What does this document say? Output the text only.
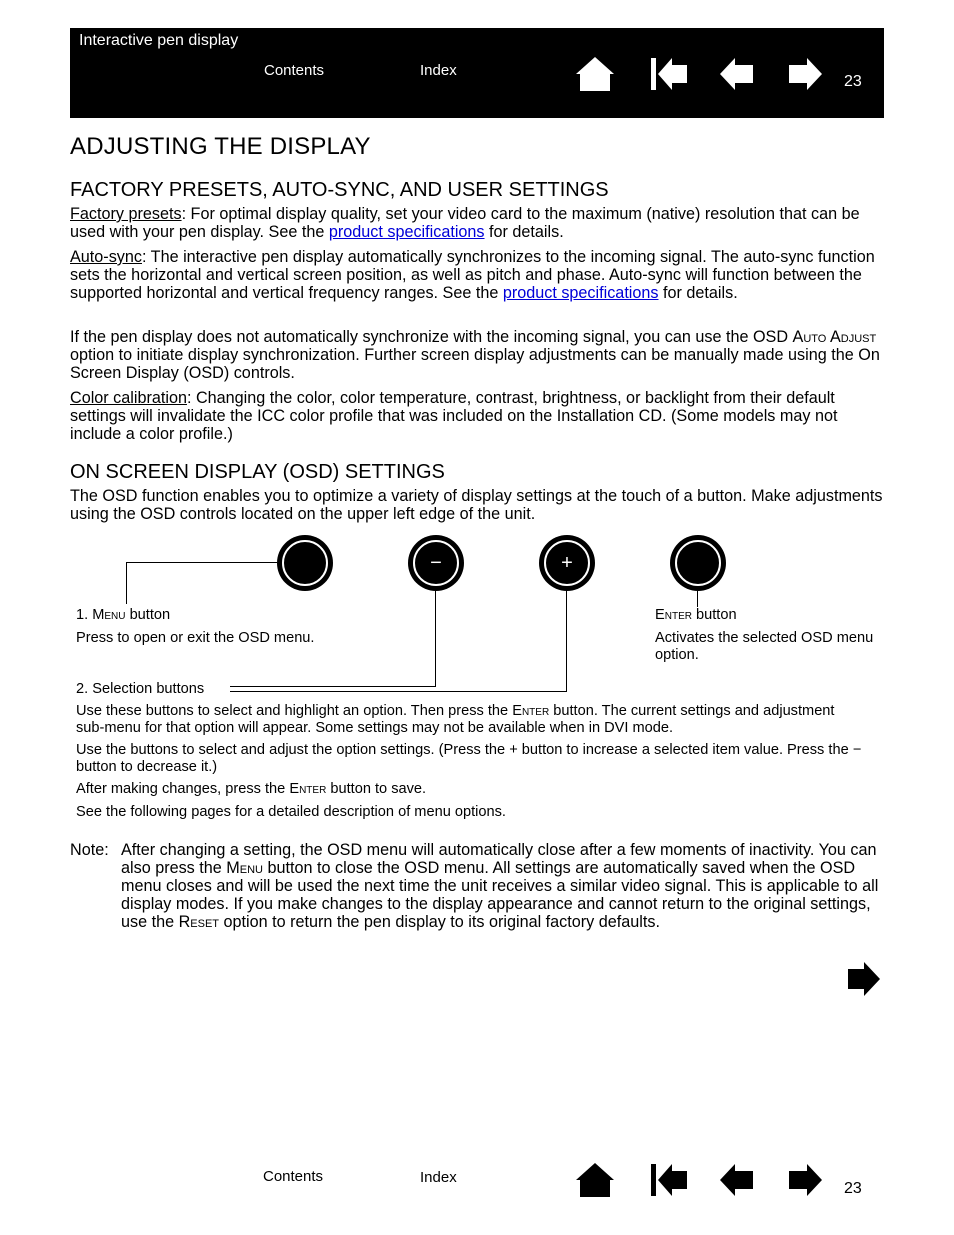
Interactive pen display
Contents	Index
23
ADJUSTING THE DISPLAY
FACTORY PRESETS, AUTO-SYNC, AND USER SETTINGS

Factory presets: For optimal display quality, set your video card to the maximum (native) resolution that can be used with your pen display. See the product specifications for details.

Auto-sync: The interactive pen display automatically synchronizes to the incoming signal. The auto-sync function sets the horizontal and vertical screen position, as well as pitch and phase. Auto-sync will function between the supported horizontal and vertical frequency ranges. See the product specifications for details.

If the pen display does not automatically synchronize with the incoming signal, you can use the OSD Auto Adjust option to initiate display synchronization. Further screen display adjustments can be manually made using the On Screen Display (OSD) controls.

Color calibration: Changing the color, color temperature, contrast, brightness, or backlight from their default settings will invalidate the ICC color profile that was included on the Installation CD. (Some models may not include a color profile.)

ON SCREEN DISPLAY (OSD) SETTINGS

The OSD function enables you to optimize a variety of display settings at the touch of a button. Make adjustments using the OSD controls located on the upper left edge of the unit.

−	+

1. Menu button

Press to open or exit the OSD menu.

Enter button

Activates the selected OSD menu option.

2. Selection buttons

Use these buttons to select and highlight an option. Then press the Enter button. The current settings and adjustment sub-menu for that option will appear. Some settings may not be available when in DVI mode.

Use the buttons to select and adjust the option settings. (Press the + button to increase a selected item value. Press the − button to decrease it.)

After making changes, press the Enter button to save.

See the following pages for a detailed description of menu options.

Note: After changing a setting, the OSD menu will automatically close after a few moments of inactivity. You can also press the Menu button to close the OSD menu. All settings are automatically saved when the OSD menu closes and will be used the next time the unit receives a similar video signal. This is applicable to all display modes. If you make changes to the display appearance and cannot return to the original settings, use the Reset option to return the pen display to its original factory defaults.

Contents	Index
23
